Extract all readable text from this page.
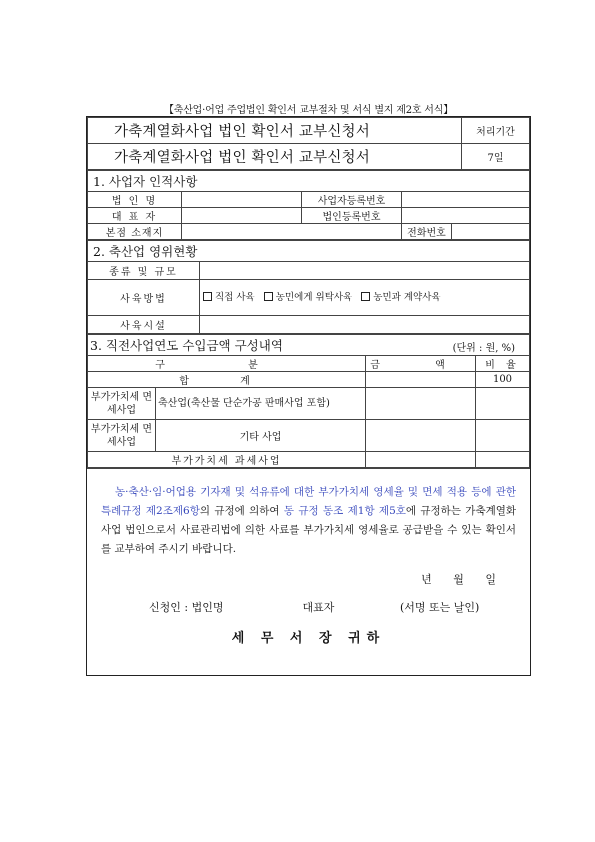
【축산업·어업 주업법인 확인서 교부절차 및 서식 별지 제2호 서식】
가축계열화사업 법인 확인서 교부신청서	처리기간
가축계열화사업 법인 확인서 교부신청서	7일
1. 사업자 인적사항				
법 인 명		사업자등록번호		
대 표 자		법인등록번호		
본점 소재지			전화번호	
2. 축산업 영위현황	
종류 및 규모	
사육방법	직접 사육 농민에게 위탁사육 농민과 계약사육
사육시설	
3. 직전사업연도 수입금액 구성내역 (단위 : 원, %)			

구 분		금 액	비 율
합 계			100
부가가치세 면세사업	축산업(축산물 단순가공 판매사업 포함)		
부가가치세 면세사업	기타 사업		
부가가치세 과세사업			
농·축산·임·어업용 기자재 및 석유류에 대한 부가가치세 영세율 및 면세 적용 등에 관한 특례규정 제2조제6항의 규정에 의하여 동 규정 동조 제1항 제5호에 규정하는 가축계열화사업 법인으로서 사료관리법에 의한 사료를 부가가치세 영세율로 공급받을 수 있는 확인서를 교부하여 주시기 바랍니다.
년 월 일
신청인 : 법인명	대표자	(서명 또는 날인)
세 무 서 장 귀하
